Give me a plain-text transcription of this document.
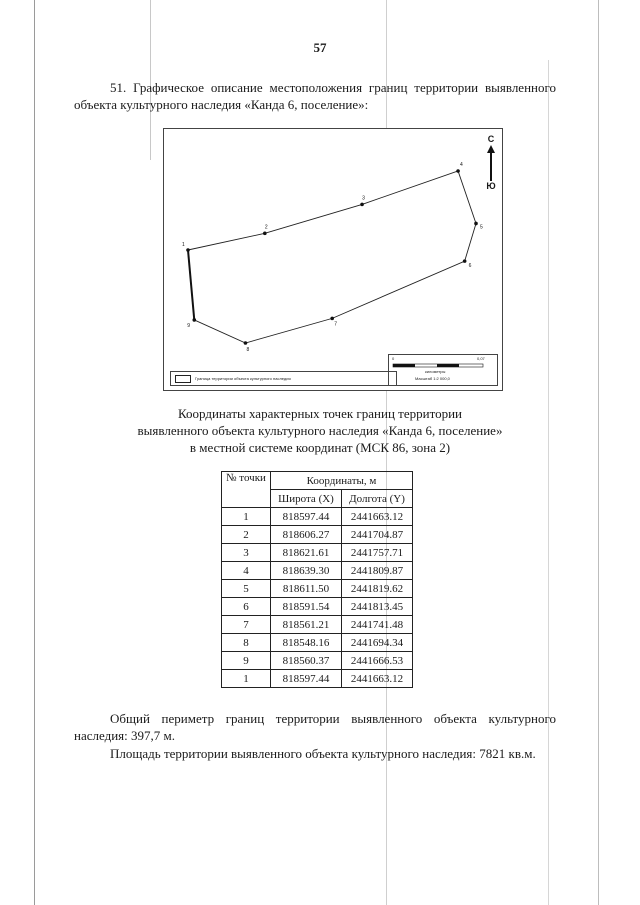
57
51. Графическое описание местоположения границ территории выявленного объекта культурного наследия «Канда 6, поселение»:
1
2
3
4
5
6
7
8
9
С
Ю
Граница территории объекта культурного наследия
0	0,07
километры
Масштаб 1:2 000,0
Координаты характерных точек границ территории
выявленного объекта культурного наследия «Канда 6, поселение»
в местной системе координат (МСК 86, зона 2)
№ точки	Координаты, м	
	Широта (X)	Долгота (Y)
1	818597.44	2441663.12
2	818606.27	2441704.87
3	818621.61	2441757.71
4	818639.30	2441809.87
5	818611.50	2441819.62
6	818591.54	2441813.45
7	818561.21	2441741.48
8	818548.16	2441694.34
9	818560.37	2441666.53
1	818597.44	2441663.12
Общий периметр границ территории выявленного объекта культурного наследия: 397,7 м.
Площадь территории выявленного объекта культурного наследия: 7821 кв.м.
